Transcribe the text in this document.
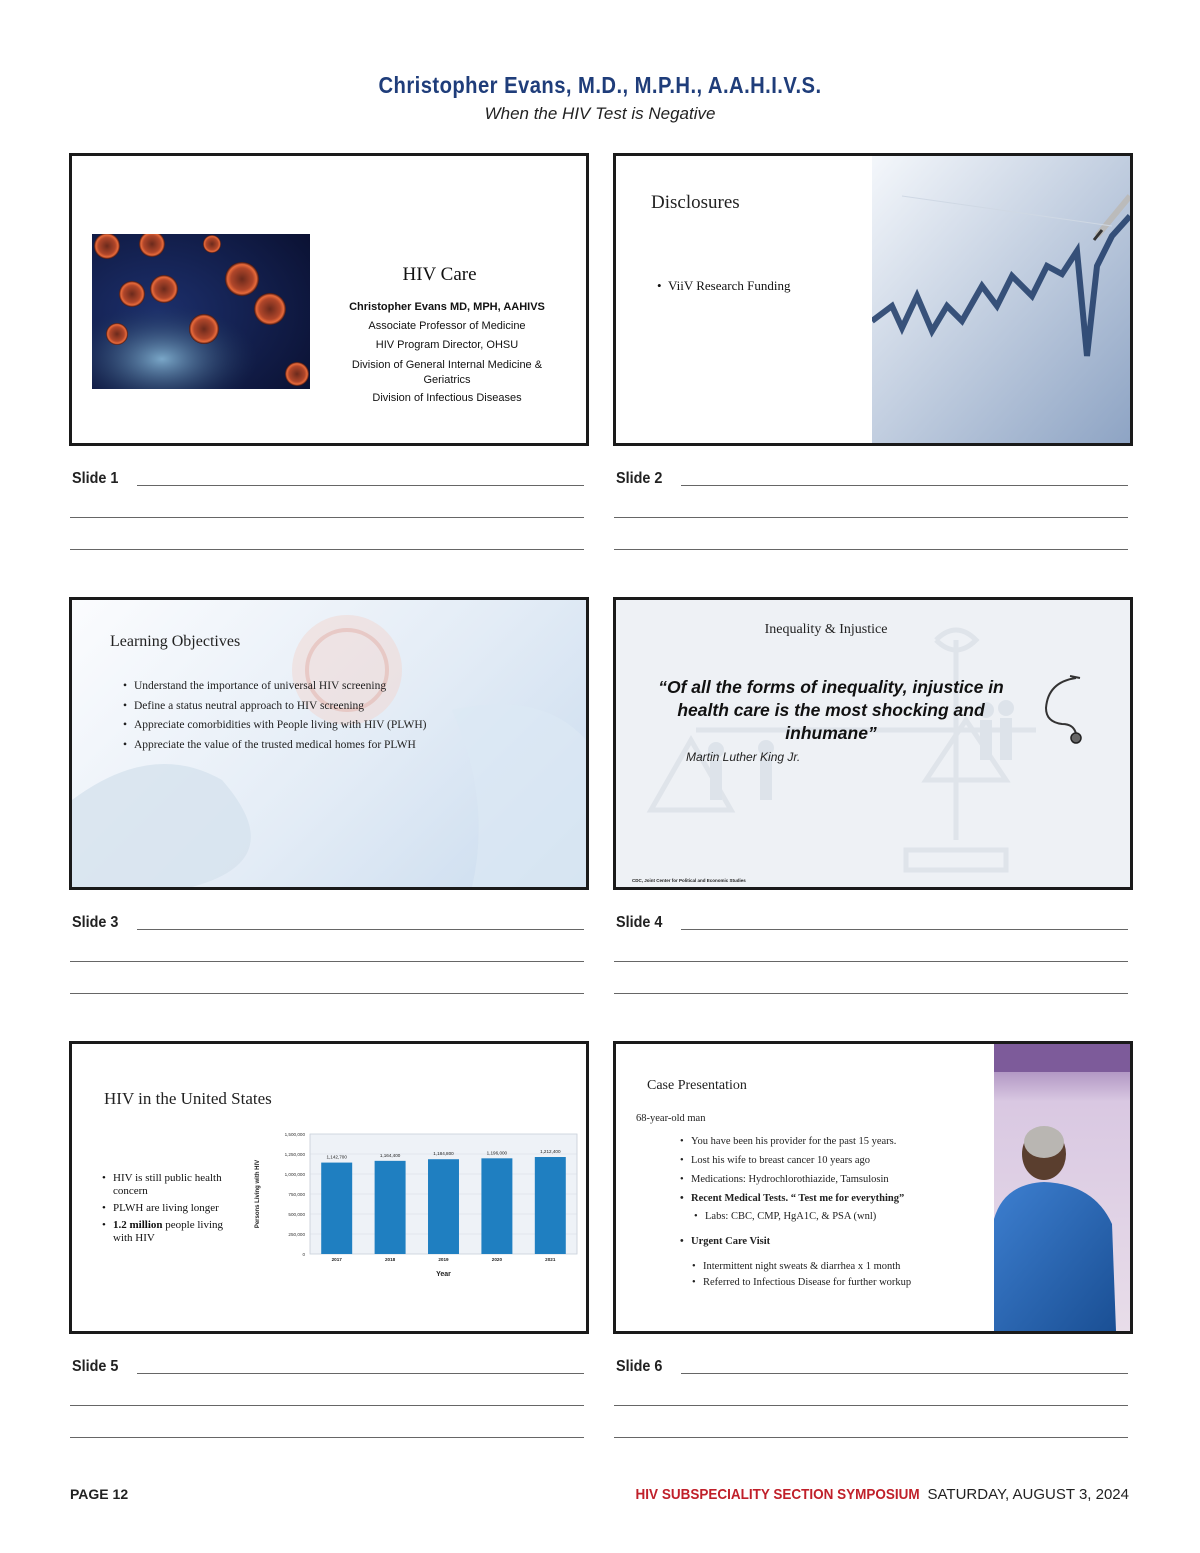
Christopher Evans, M.D., M.P.H., A.A.H.I.V.S.
When the HIV Test is Negative
HIV Care
Christopher Evans MD, MPH, AAHIVS
Associate Professor of Medicine
HIV Program Director, OHSU
Division of General Internal Medicine & Geriatrics
Division of Infectious Diseases
Disclosures
• ViiV Research Funding
Learning Objectives
• Understand the importance of universal HIV screening
• Define a status neutral approach to HIV screening
• Appreciate comorbidities with People living with HIV (PLWH)
• Appreciate the value of the trusted medical homes for PLWH
Inequality & Injustice
“Of all the forms of inequality, injustice in health care is the most shocking and inhumane”
Martin Luther King Jr.
CDC, Joint Center for Political and Economic Studies
HIV in the United States
• HIV is still public health concern
• PLWH are living longer
• 1.2 million people living with HIV
0
250,000
500,000
750,000
1,000,000
1,250,000
1,500,000
1,142,700
2017
1,164,400
2018
1,184,800
2019
1,196,000
2020
1,212,400
2021
Year
Persons Living with HIV
Case Presentation
68-year-old man
• You have been his provider for the past 15 years.
• Lost his wife to breast cancer 10 years ago
• Medications: Hydrochlorothiazide, Tamsulosin
• Recent Medical Tests. “ Test me for everything”
• Labs: CBC, CMP, HgA1C, & PSA (wnl)
• Urgent Care Visit
• Intermittent night sweats & diarrhea x 1 month
• Referred to Infectious Disease for further workup
Slide 1	Slide 2
Slide 3	Slide 4
Slide 5	Slide 6
PAGE 12	HIV SUBSPECIALITY SECTION SYMPOSIUM SATURDAY, AUGUST 3, 2024
